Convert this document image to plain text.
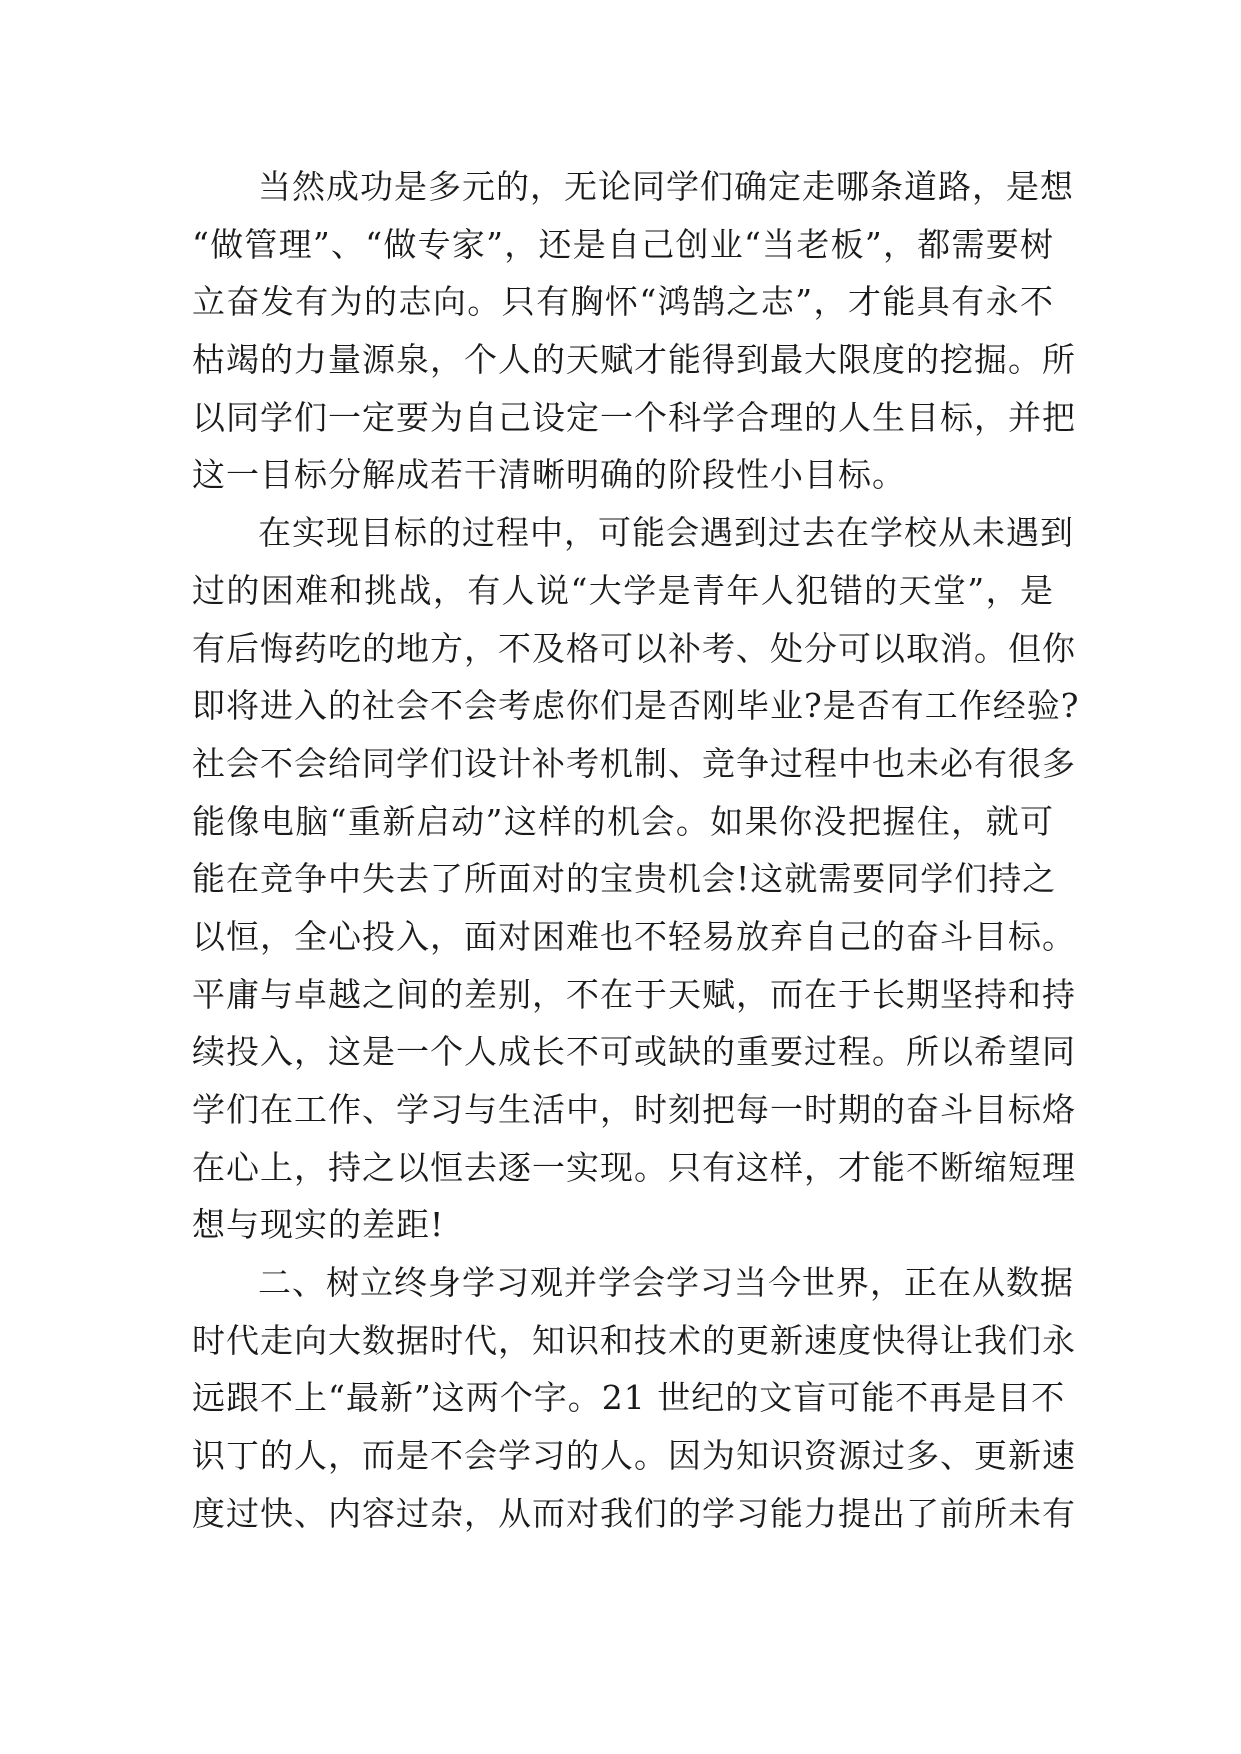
当然成功是多元的，无论同学们确定走哪条道路，是想
“做管理”、“做专家”，还是自己创业“当老板”，都需要树
立奋发有为的志向。只有胸怀“鸿鹄之志”，才能具有永不
枯竭的力量源泉，个人的天赋才能得到最大限度的挖掘。所
以同学们一定要为自己设定一个科学合理的人生目标，并把
这一目标分解成若干清晰明确的阶段性小目标。
在实现目标的过程中，可能会遇到过去在学校从未遇到
过的困难和挑战，有人说“大学是青年人犯错的天堂”，是
有后悔药吃的地方，不及格可以补考、处分可以取消。但你
即将进入的社会不会考虑你们是否刚毕业?是否有工作经验?
社会不会给同学们设计补考机制、竞争过程中也未必有很多
能像电脑“重新启动”这样的机会。如果你没把握住，就可
能在竞争中失去了所面对的宝贵机会!这就需要同学们持之
以恒，全心投入，面对困难也不轻易放弃自己的奋斗目标。
平庸与卓越之间的差别，不在于天赋，而在于长期坚持和持
续投入，这是一个人成长不可或缺的重要过程。所以希望同
学们在工作、学习与生活中，时刻把每一时期的奋斗目标烙
在心上，持之以恒去逐一实现。只有这样，才能不断缩短理
想与现实的差距!
二、树立终身学习观并学会学习当今世界，正在从数据
时代走向大数据时代，知识和技术的更新速度快得让我们永
远跟不上“最新”这两个字。21 世纪的文盲可能不再是目不
识丁的人，而是不会学习的人。因为知识资源过多、更新速
度过快、内容过杂，从而对我们的学习能力提出了前所未有
